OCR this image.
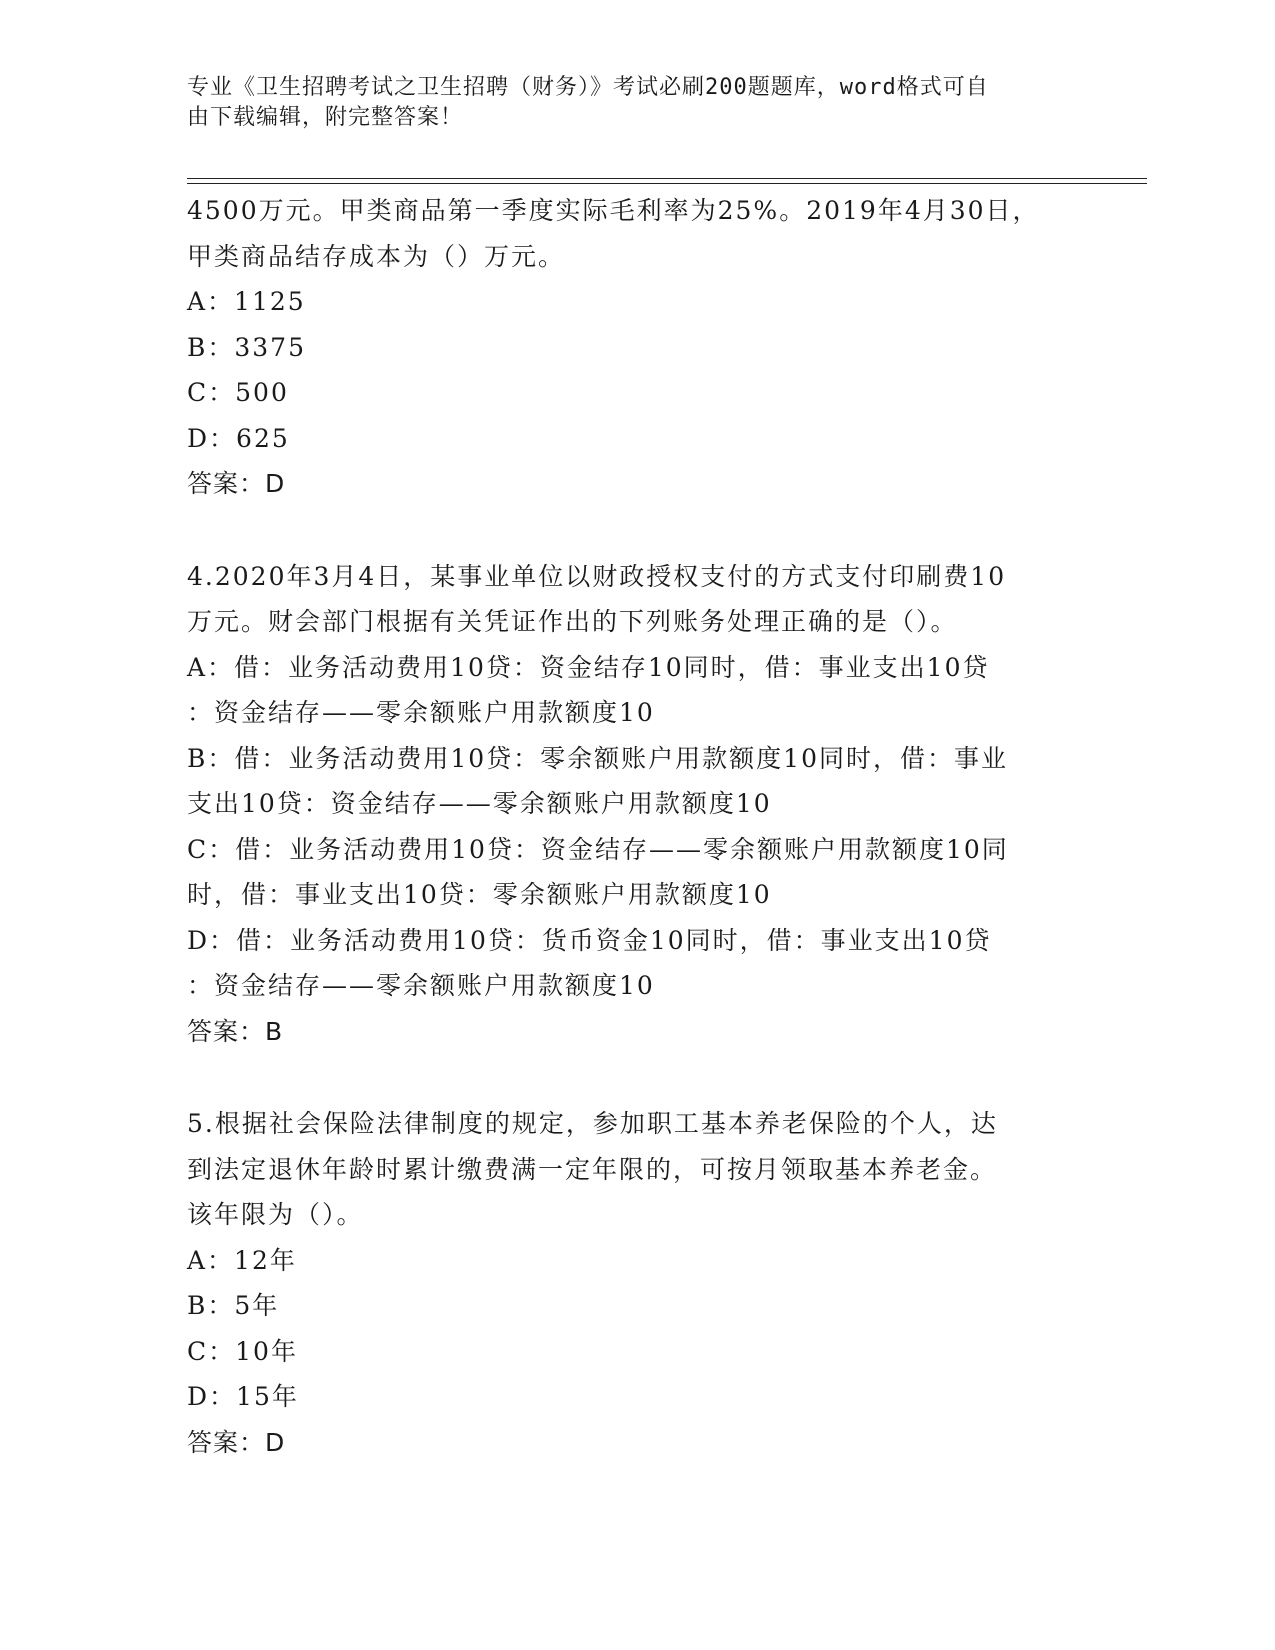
专业《卫生招聘考试之卫生招聘（财务）》考试必刷200题题库，word格式可自
由下载编辑，附完整答案！
4500万元。甲类商品第一季度实际毛利率为25%。2019年4月30日，
甲类商品结存成本为（）万元。
A：1125
B：3375
C：500
D：625
答案：D
4.2020年3月4日，某事业单位以财政授权支付的方式支付印刷费10
万元。财会部门根据有关凭证作出的下列账务处理正确的是（）。
A：借：业务活动费用10贷：资金结存10同时，借：事业支出10贷
：资金结存——零余额账户用款额度10
B：借：业务活动费用10贷：零余额账户用款额度10同时，借：事业
支出10贷：资金结存——零余额账户用款额度10
C：借：业务活动费用10贷：资金结存——零余额账户用款额度10同
时，借：事业支出10贷：零余额账户用款额度10
D：借：业务活动费用10贷：货币资金10同时，借：事业支出10贷
：资金结存——零余额账户用款额度10
答案：B
5.根据社会保险法律制度的规定，参加职工基本养老保险的个人，达
到法定退休年龄时累计缴费满一定年限的，可按月领取基本养老金。
该年限为（）。
A：12年
B：5年
C：10年
D：15年
答案：D
